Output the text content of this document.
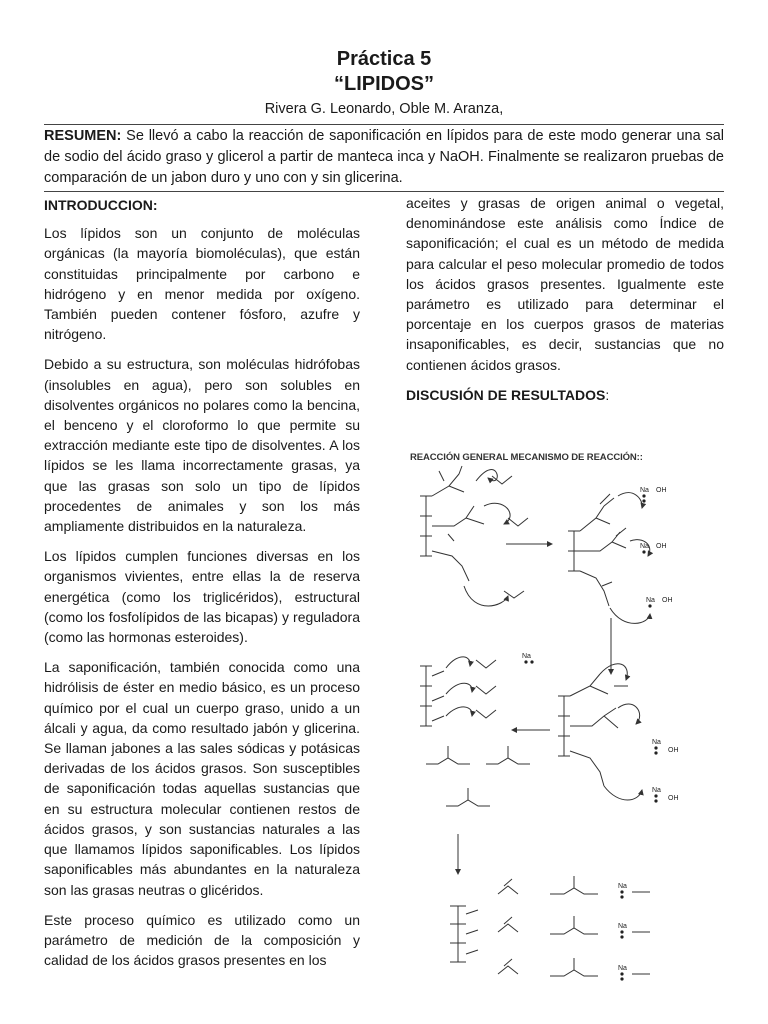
Práctica 5
“LIPIDOS”
Rivera G. Leonardo, Oble M. Aranza,
RESUMEN: Se llevó a cabo la reacción de saponificación en lípidos para de este modo generar una sal de sodio del ácido graso y glicerol a partir de manteca inca y NaOH. Finalmente se realizaron pruebas de comparación de un jabon duro y uno con y sin glicerina.
INTRODUCCION:

Los lípidos son un conjunto de moléculas orgánicas (la mayoría biomoléculas), que están constituidas principalmente por carbono e hidrógeno y en menor medida por oxígeno. También pueden contener fósforo, azufre y nitrógeno.

Debido a su estructura, son moléculas hidrófobas (insolubles en agua), pero son solubles en disolventes orgánicos no polares como la bencina, el benceno y el cloroformo lo que permite su extracción mediante este tipo de disolventes. A los lípidos se les llama incorrectamente grasas, ya que las grasas son solo un tipo de lípidos procedentes de animales y son los más ampliamente distribuidos en la naturaleza.

Los lípidos cumplen funciones diversas en los organismos vivientes, entre ellas la de reserva energética (como los triglicéridos), estructural (como los fosfolípidos de las bicapas) y reguladora (como las hormonas esteroides).

La saponificación, también conocida como una hidrólisis de éster en medio básico, es un proceso químico por el cual un cuerpo graso, unido a un álcali y agua, da como resultado jabón y glicerina. Se llaman jabones a las sales sódicas y potásicas derivadas de los ácidos grasos. Son susceptibles de saponificación todas aquellas sustancias que en su estructura molecular contienen restos de ácidos grasos, y son sustancias naturales a las que llamamos lípidos saponificables. Los lípidos saponificables más abundantes en la naturaleza son las grasas neutras o glicéridos.

Este proceso químico es utilizado como un parámetro de medición de la composición y calidad de los ácidos grasos presentes en los

aceites y grasas de origen animal o vegetal, denominándose este análisis como Índice de saponificación; el cual es un método de medida para calcular el peso molecular promedio de todos los ácidos grasos presentes. Igualmente este parámetro es utilizado para determinar el porcentaje en los cuerpos grasos de materias insaponificables, es decir, sustancias que no contienen ácidos grasos.

DISCUSIÓN DE RESULTADOS:
REACCIÓN GENERAL MECANISMO DE REACCIÓN::
Na OH
Na OH
Na OH
Na
Na
OH
Na
OH
Na
Na
Na
